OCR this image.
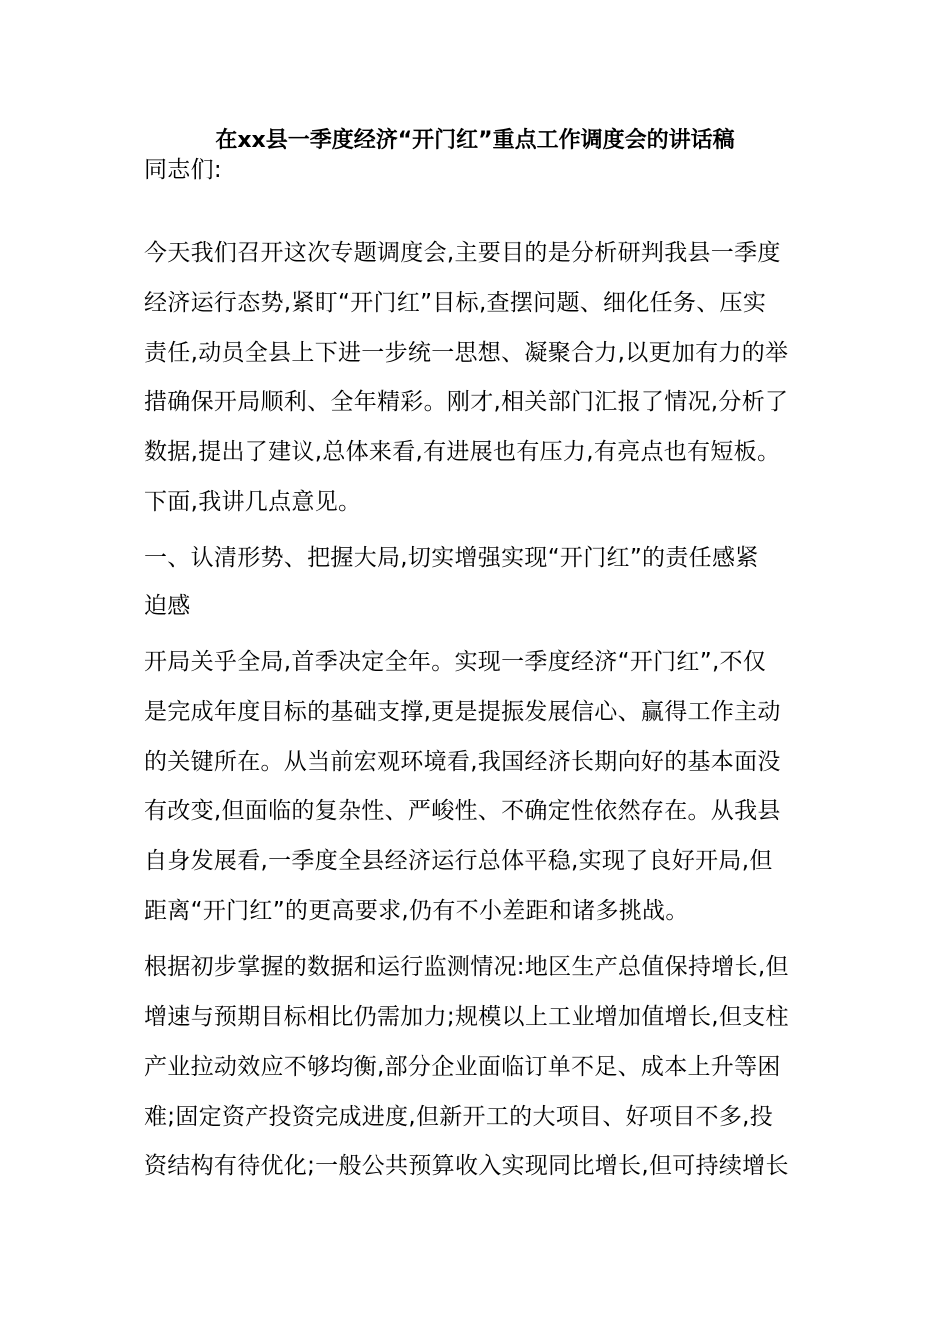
在xx县一季度经济“开门红”重点工作调度会的讲话稿
同志们:
今天我们召开这次专题调度会,主要目的是分析研判我县一季度
经济运行态势,紧盯“开门红”目标,查摆问题、细化任务、压实
责任,动员全县上下进一步统一思想、凝聚合力,以更加有力的举
措确保开局顺利、全年精彩。刚才,相关部门汇报了情况,分析了
数据,提出了建议,总体来看,有进展也有压力,有亮点也有短板。
下面,我讲几点意见。
一、认清形势、把握大局,切实增强实现“开门红”的责任感紧
迫感
开局关乎全局,首季决定全年。实现一季度经济“开门红”,不仅
是完成年度目标的基础支撑,更是提振发展信心、赢得工作主动
的关键所在。从当前宏观环境看,我国经济长期向好的基本面没
有改变,但面临的复杂性、严峻性、不确定性依然存在。从我县
自身发展看,一季度全县经济运行总体平稳,实现了良好开局,但
距离“开门红”的更高要求,仍有不小差距和诸多挑战。
根据初步掌握的数据和运行监测情况:地区生产总值保持增长,但
增速与预期目标相比仍需加力;规模以上工业增加值增长,但支柱
产业拉动效应不够均衡,部分企业面临订单不足、成本上升等困
难;固定资产投资完成进度,但新开工的大项目、好项目不多,投
资结构有待优化;一般公共预算收入实现同比增长,但可持续增长
